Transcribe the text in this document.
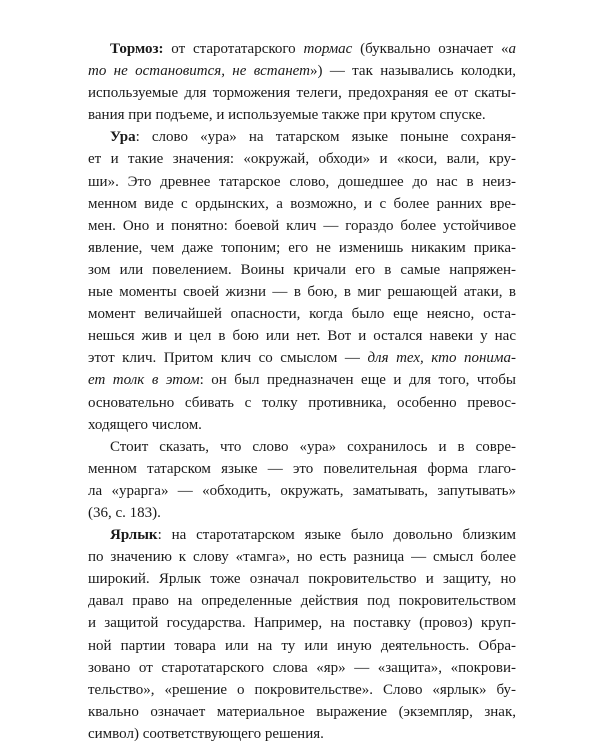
Тормоз: от старотатарского тормас (буквально означает «а
то не остановится, не встанет») — так назывались колодки,
используемые для торможения телеги, предохраняя ее от скаты-
вания при подъеме, и используемые также при крутом спуске.
Ура: слово «ура» на татарском языке поныне сохраня-
ет и такие значения: «окружай, обходи» и «коси, вали, кру-
ши». Это древнее татарское слово, дошедшее до нас в неиз-
менном виде с ордынских, а возможно, и с более ранних вре-
мен. Оно и понятно: боевой клич — гораздо более устойчивое
явление, чем даже топоним; его не изменишь никаким прика-
зом или повелением. Воины кричали его в самые напряжен-
ные моменты своей жизни — в бою, в миг решающей атаки, в
момент величайшей опасности, когда было еще неясно, оста-
нешься жив и цел в бою или нет. Вот и остался навеки у нас
этот клич. Притом клич со смыслом — для тех, кто понима-
ет толк в этом: он был предназначен еще и для того, чтобы
основательно сбивать с толку противника, особенно превос-
ходящего числом.
Стоит сказать, что слово «ура» сохранилось и в совре-
менном татарском языке — это повелительная форма глаго-
ла «ураргa» — «обходить, окружать, заматывать, запутывать»
(36, с. 183).
Ярлык: на старотатарском языке было довольно близким
по значению к слову «тамга», но есть разница — смысл более
широкий. Ярлык тоже означал покровительство и защиту, но
давал право на определенные действия под покровительством
и защитой государства. Например, на поставку (провоз) круп-
ной партии товара или на ту или иную деятельность. Обра-
зовано от старотатарского слова «яр» — «защита», «покрови-
тельство», «решение о покровительстве». Слово «ярлык» бу-
квально означает материальное выражение (экземпляр, знак,
символ) соответствующего решения.
